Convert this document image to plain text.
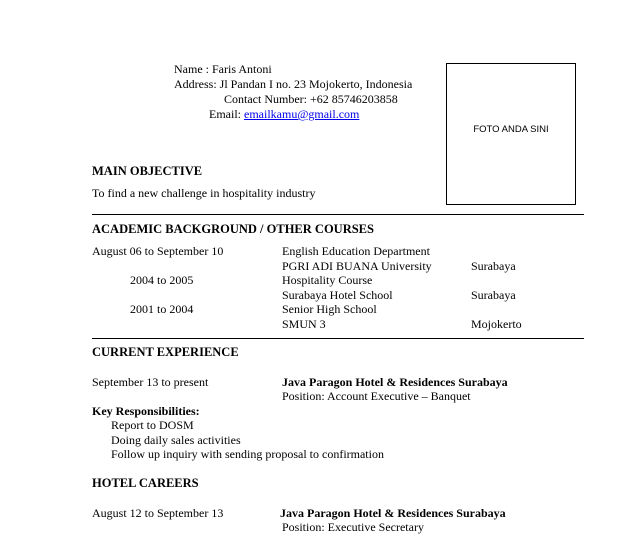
Name : Faris Antoni
Address: Jl Pandan I no. 23 Mojokerto, Indonesia
Contact Number: +62 85746203858
Email: emailkamu@gmail.com
FOTO ANDA SINI
MAIN OBJECTIVE
To find a new challenge in hospitality industry
ACADEMIC BACKGROUND / OTHER COURSES
August 06 to September 10	English Education Department
PGRI ADI BUANA University	Surabaya
2004 to 2005	Hospitality Course
Surabaya Hotel School	Surabaya
2001 to 2004	Senior High School
SMUN 3	Mojokerto
CURRENT EXPERIENCE
September 13 to present	Java Paragon Hotel & Residences Surabaya
Position: Account Executive – Banquet
Key Responsibilities:
Report to DOSM
Doing daily sales activities
Follow up inquiry with sending proposal to confirmation
HOTEL CAREERS
August 12 to September 13	Java Paragon Hotel & Residences Surabaya
Position: Executive Secretary
